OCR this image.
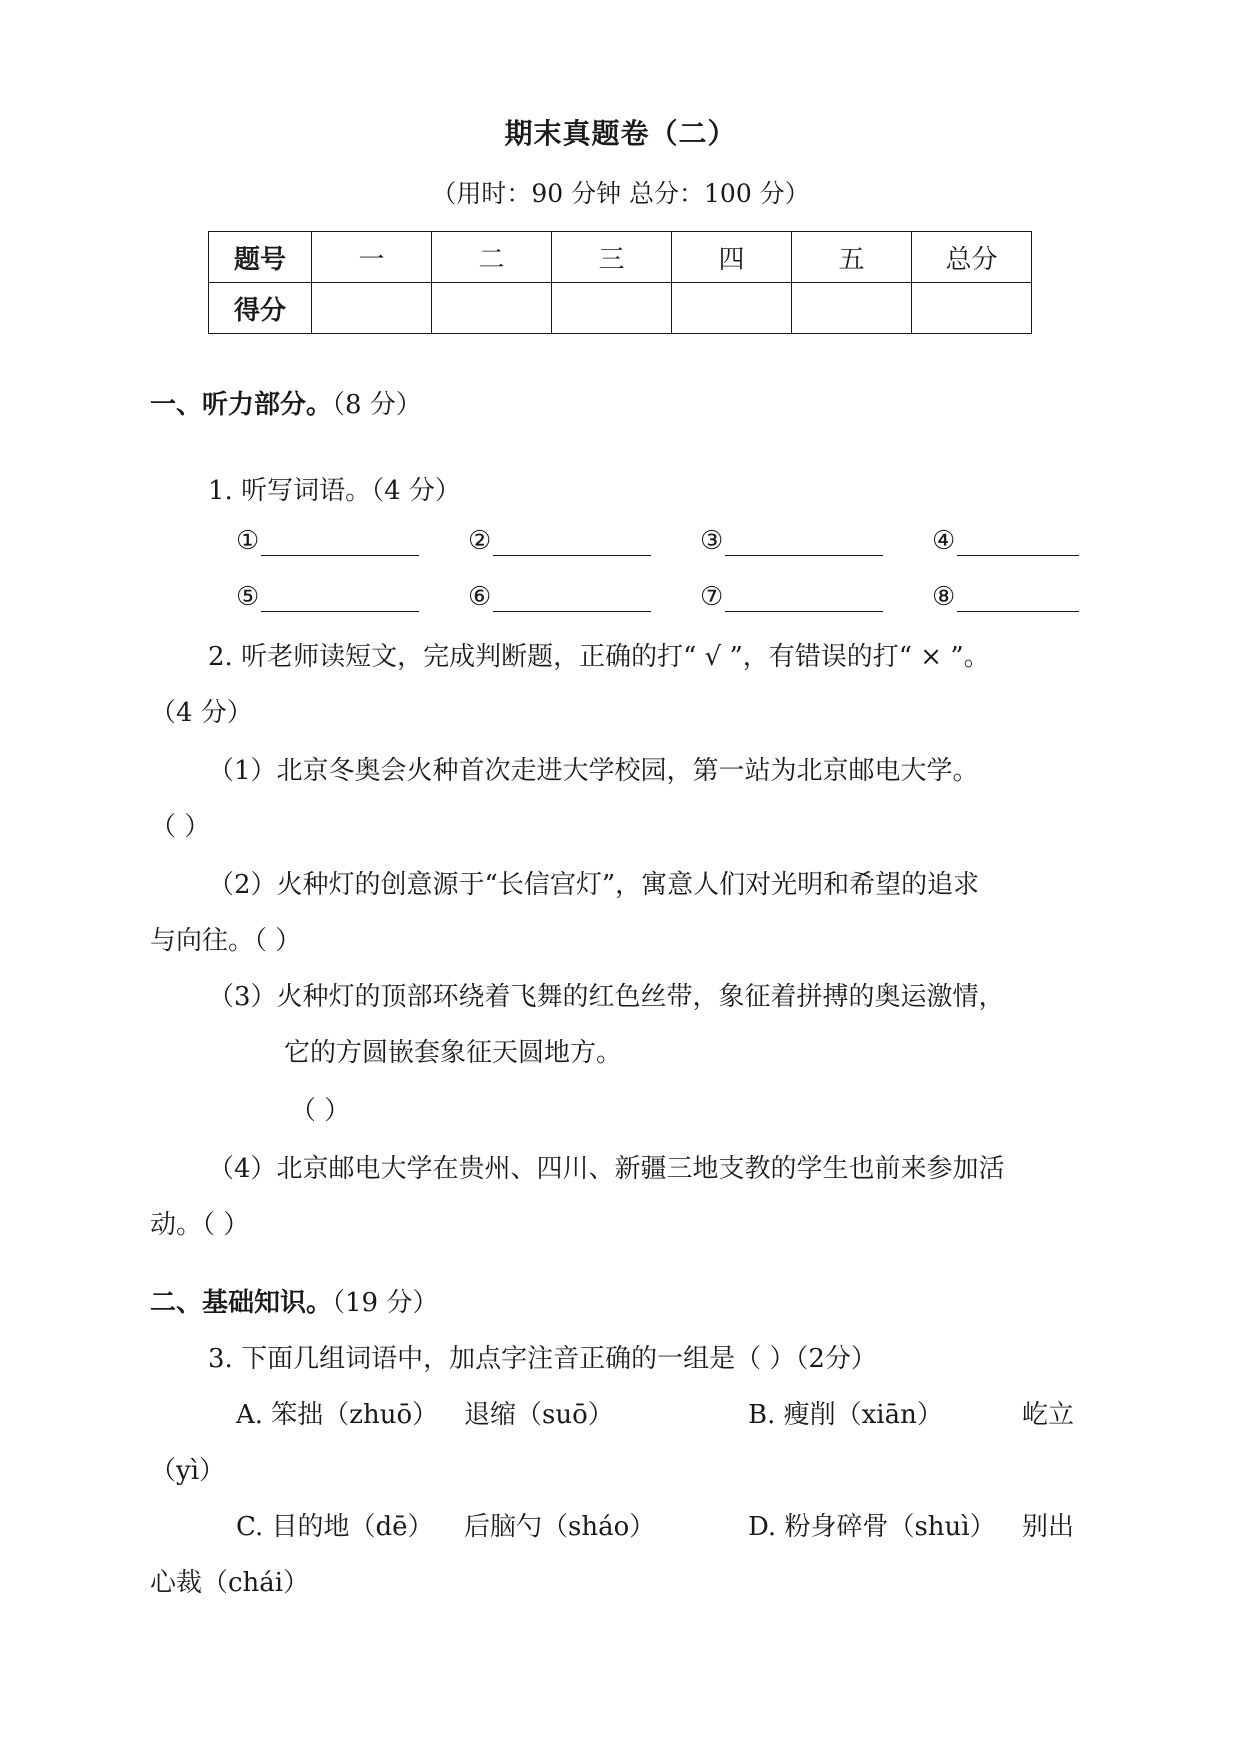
期末真题卷（二）
（用时：90 分钟 总分：100 分）
题号	一	二	三	四	五	总分
得分						
一、听力部分。（8 分）
1. 听写词语。（4 分）
①	②	③	④
⑤	⑥	⑦	⑧
2. 听老师读短文，完成判断题，正确的打“ √ ”，有错误的打“ × ”。
（4 分）
（1）北京冬奥会火种首次走进大学校园，第一站为北京邮电大学。
（ ）
（2）火种灯的创意源于“长信宫灯”，寓意人们对光明和希望的追求
与向往。（ ）
（3）火种灯的顶部环绕着飞舞的红色丝带，象征着拼搏的奥运激情，
它的方圆嵌套象征天圆地方。
（ ）
（4）北京邮电大学在贵州、四川、新疆三地支教的学生也前来参加活
动。（ ）
二、基础知识。（19 分）
3. 下面几组词语中，加点字注音正确的一组是（ ）（2分）
A. 笨拙（zhuō） 退缩（suō）	B. 瘦削（xiān）	屹立
（yì）
C. 目的地（dē） 后脑勺（sháo）	D. 粉身碎骨（shuì） 别出
心裁（chái）
